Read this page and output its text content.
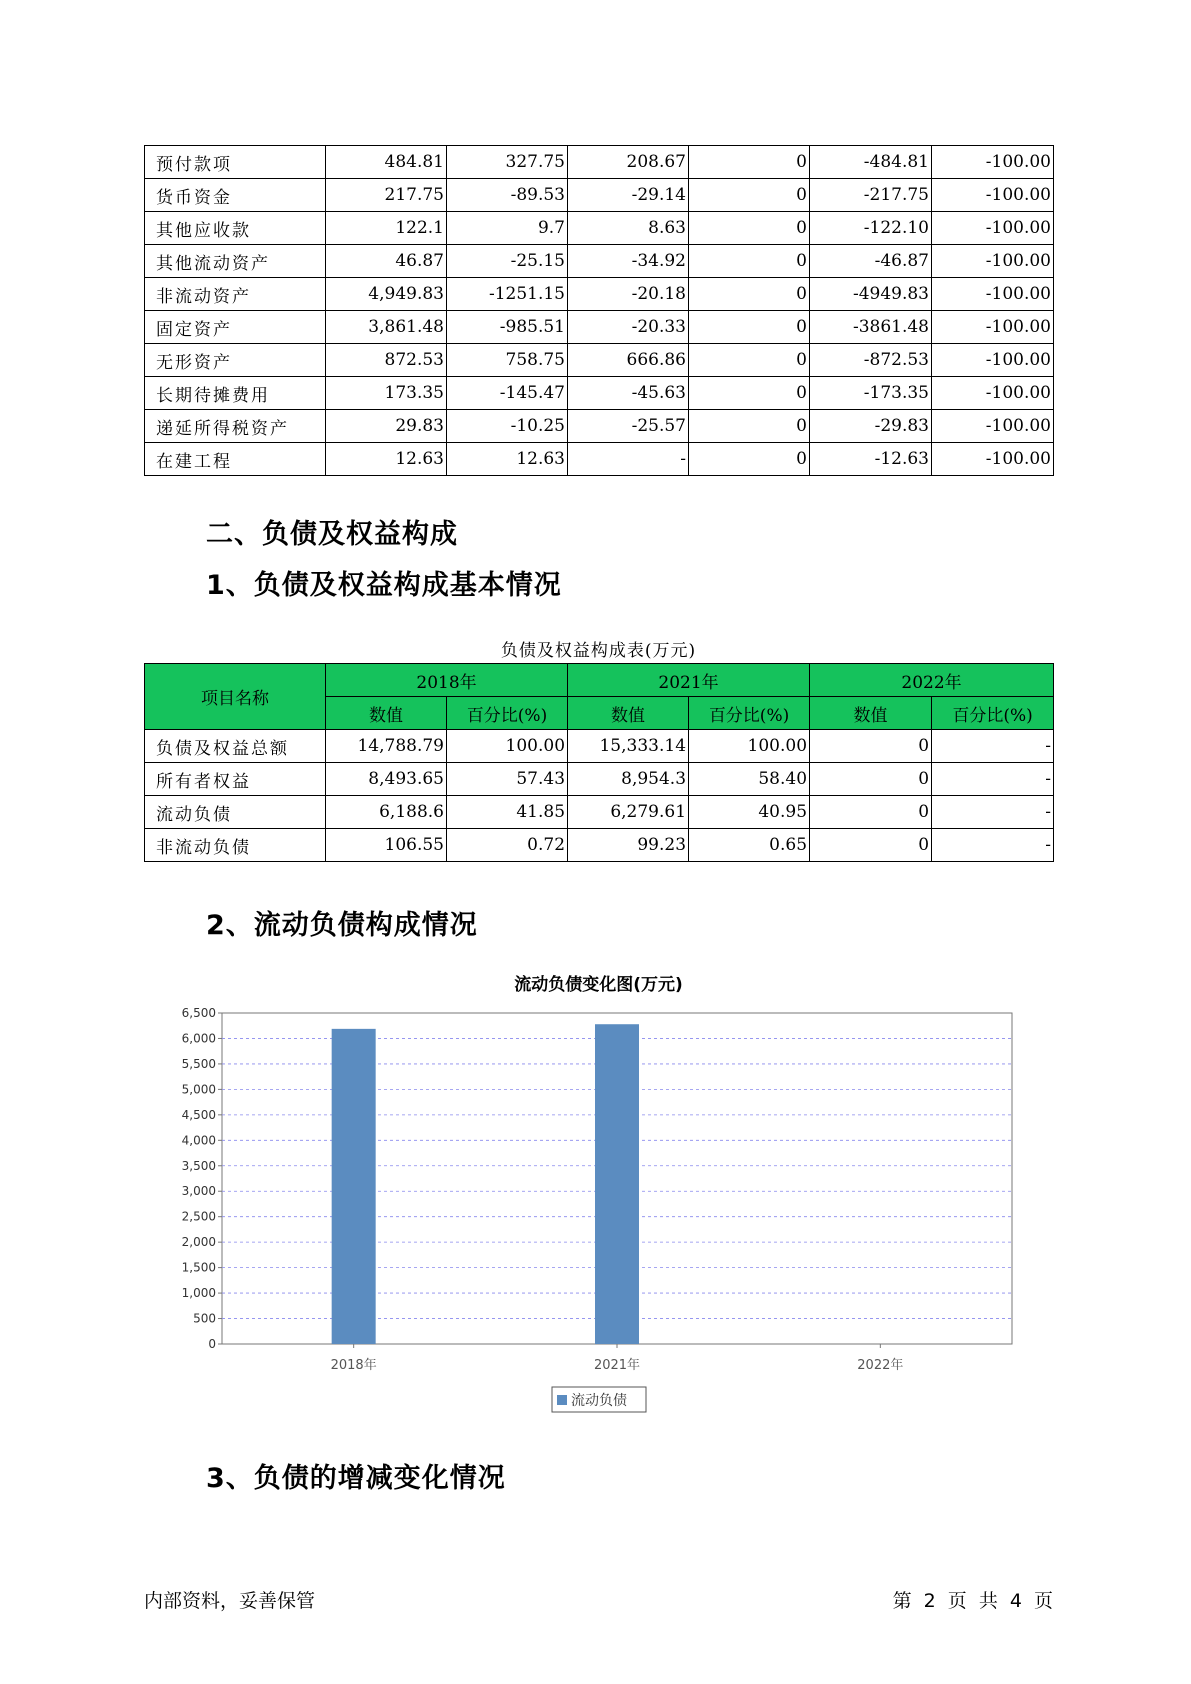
预付款项	484.81	327.75	208.67	0	-484.81	-100.00
货币资金	217.75	-89.53	-29.14	0	-217.75	-100.00
其他应收款	122.1	9.7	8.63	0	-122.10	-100.00
其他流动资产	46.87	-25.15	-34.92	0	-46.87	-100.00
非流动资产	4,949.83	-1251.15	-20.18	0	-4949.83	-100.00
固定资产	3,861.48	-985.51	-20.33	0	-3861.48	-100.00
无形资产	872.53	758.75	666.86	0	-872.53	-100.00
长期待摊费用	173.35	-145.47	-45.63	0	-173.35	-100.00
递延所得税资产	29.83	-10.25	-25.57	0	-29.83	-100.00
在建工程	12.63	12.63	-	0	-12.63	-100.00
二、负债及权益构成
1、负债及权益构成基本情况
负债及权益构成表(万元)
项目名称	2018年		2021年		2022年	
	数值	百分比(%)	数值	百分比(%)	数值	百分比(%)
负债及权益总额	14,788.79	100.00	15,333.14	100.00	0	-
所有者权益	8,493.65	57.43	8,954.3	58.40	0	-
流动负债	6,188.6	41.85	6,279.61	40.95	0	-
非流动负债	106.55	0.72	99.23	0.65	0	-
2、流动负债构成情况
流动负债变化图(万元)
0
500
1,000
1,500
2,000
2,500
3,000
3,500
4,000
4,500
5,000
5,500
6,000
6,500
2018年	2021年	2022年
流动负债
3、负债的增减变化情况
内部资料，妥善保管	第 2 页 共 4 页
